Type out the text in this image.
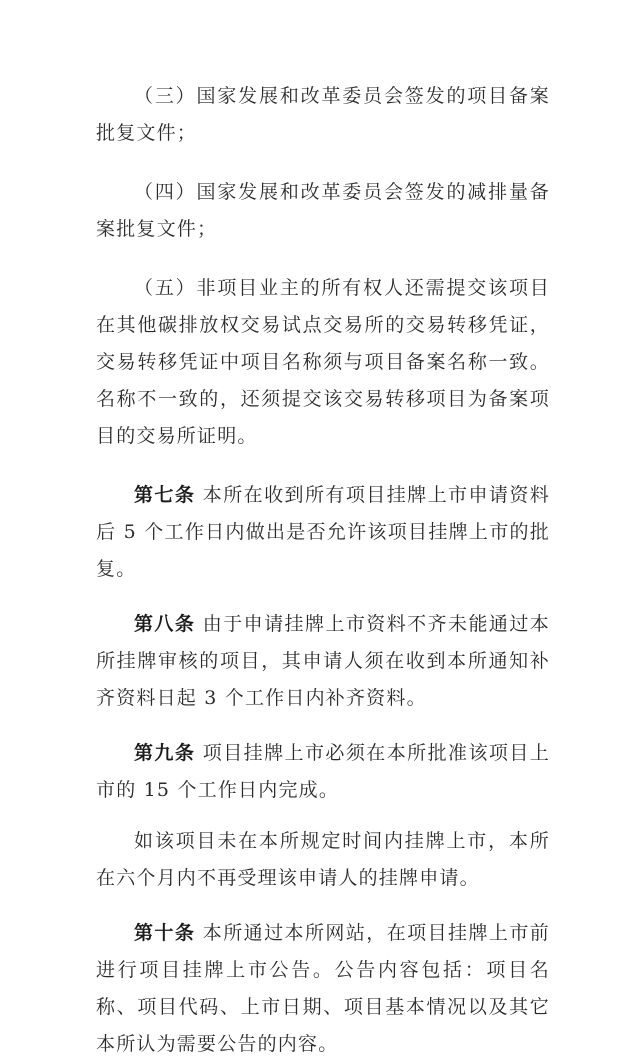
（三）国家发展和改革委员会签发的项目备案批复文件；

（四）国家发展和改革委员会签发的减排量备案批复文件；

（五）非项目业主的所有权人还需提交该项目在其他碳排放权交易试点交易所的交易转移凭证，交易转移凭证中项目名称须与项目备案名称一致。名称不一致的，还须提交该交易转移项目为备案项目的交易所证明。

第七条 本所在收到所有项目挂牌上市申请资料后 5 个工作日内做出是否允许该项目挂牌上市的批复。

第八条 由于申请挂牌上市资料不齐未能通过本所挂牌审核的项目，其申请人须在收到本所通知补齐资料日起 3 个工作日内补齐资料。

第九条 项目挂牌上市必须在本所批准该项目上市的 15 个工作日内完成。

如该项目未在本所规定时间内挂牌上市，本所在六个月内不再受理该申请人的挂牌申请。

第十条 本所通过本所网站，在项目挂牌上市前进行项目挂牌上市公告。公告内容包括：项目名称、项目代码、上市日期、项目基本情况以及其它本所认为需要公告的内容。
